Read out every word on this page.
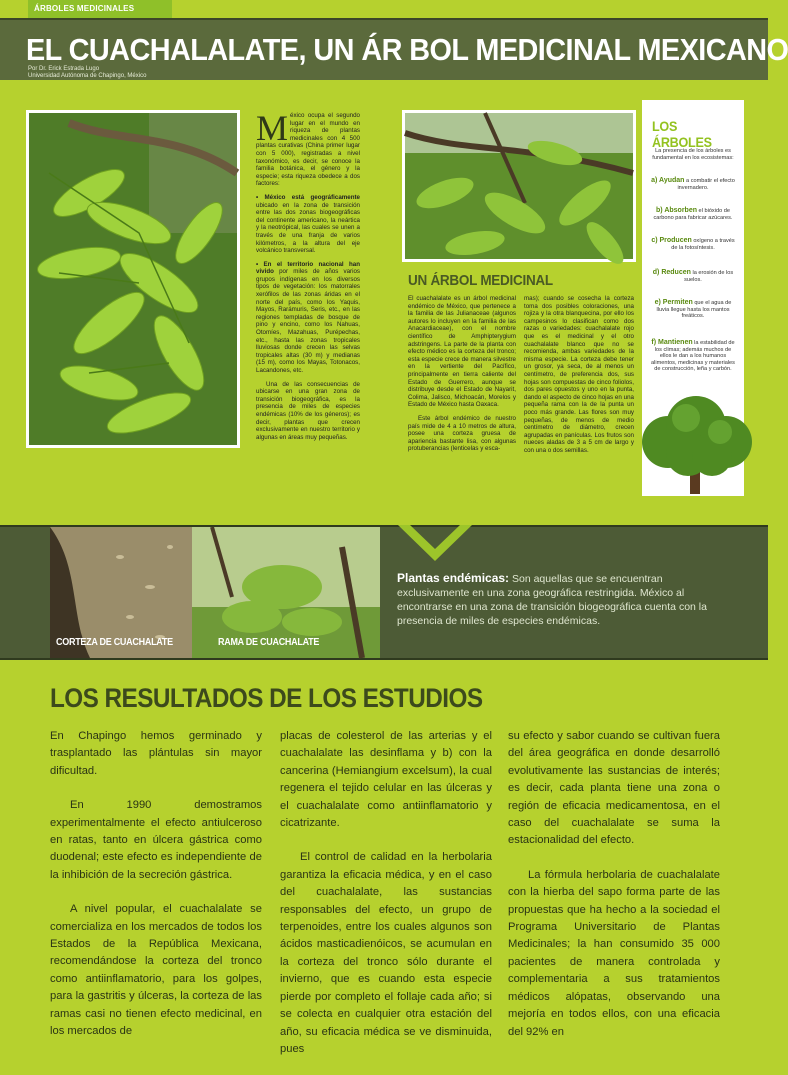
ÁRBOLES MEDICINALES
EL CUACHALALATE, UN ÁR BOL MEDICINAL MEXICANO
Por Dr. Erick Estrada Lugo
Universidad Autónoma de Chapingo, México

México ocupa el segundo lugar en el mundo en riqueza de plantas medicinales con 4 500 plantas curativas (China primer lugar con 5 000), registradas a nivel taxonómico, es decir, se conoce la familia botánica, el género y la especie; esta riqueza obedece a dos factores:

• México está geográficamente ubicado en la zona de transición entre las dos zonas biogeográficas del continente americano, la neártica y la neotrópical, las cuales se unen a través de una franja de varios kilómetros, a la altura del eje volcánico transversal.

• En el territorio nacional han vivido por miles de años varios grupos indígenas en los diversos tipos de vegetación: los matorrales xerófilos de las zonas áridas en el norte del país, como los Yaquis, Mayos, Rarámuris, Seris, etc., en las regiones templadas de bosque de pino y encino, como los Nahuas, Otomíes, Mazahuas, Purépechas, etc., hasta las zonas tropicales lluviosas donde crecen las selvas tropicales altas (30 m) y medianas (15 m), como los Mayas, Totonacos, Lacandones, etc.

Una de las consecuencias de ubicarse en una gran zona de transición biogeográfica, es la presencia de miles de especies endémicas (10% de los géneros); es decir, plantas que crecen exclusivamente en nuestro territorio y algunas en áreas muy pequeñas.

UN ÁRBOL MEDICINAL

El cuachalalate es un árbol medicinal endémico de México, que pertenece a la familia de las Julianaceae (algunos autores lo incluyen en la familia de las Anacardiaceae), con el nombre científico de Amphipterygium adstringens. La parte de la planta con efecto médico es la corteza del tronco; esta especie crece de manera silvestre en la vertiente del Pacífico, principalmente en tierra caliente del Estado de Guerrero, aunque se distribuye desde el Estado de Nayarit, Colima, Jalisco, Michoacán, Morelos y Estado de México hasta Oaxaca.

Este árbol endémico de nuestro país mide de 4 a 10 metros de altura, posee una corteza gruesa de apariencia bastante lisa, con algunas protuberancias (lenticelas y esca-

mas); cuando se cosecha la corteza toma dos posibles coloraciones, una rojiza y la otra blanquecina, por ello los campesinos lo clasifican como dos razas o variedades: cuachalalate rojo que es el medicinal y el otro cuachalalate blanco que no se recomienda, ambas variedades de la misma especie. La corteza debe tener un grosor, ya seca, de al menos un centímetro, de preferencia dos, sus hojas son compuestas de cinco foliolos, dos pares opuestos y uno en la punta, dando el aspecto de cinco hojas en una pequeña rama con la de la punta un poco más grande. Las flores son muy pequeñas, de menos de medio centímetro de diámetro, crecen agrupadas en panículas. Los frutos son nueces aladas de 3 a 5 cm de largo y con una o dos semillas.

LOS ÁRBOLES
La presencia de los árboles es fundamental en los ecosistemas:
a) Ayudan a combatir el efecto invernadero.
b) Absorben el bióxido de carbono para fabricar azúcares.
c) Producen oxígeno a través de la fotosíntesis.
d) Reducen la erosión de los suelos.
e) Permiten que el agua de lluvia llegue hasta los mantos freáticos.
f) Mantienen la estabilidad de los climas; además muchos de ellos le dan a los humanos alimentos, medicinas y materiales de construcción, leña y carbón.
CORTEZA DE CUACHALATE	RAMA DE CUACHALATE
Plantas endémicas: Son aquellas que se encuentran exclusivamente en una zona geográfica restringida. México al encontrarse en una zona de transición biogeográfica cuenta con la presencia de miles de especies endémicas.
LOS RESULTADOS DE LOS ESTUDIOS

En Chapingo hemos germinado y trasplantado las plántulas sin mayor dificultad.

En 1990 demostramos experimentalmente el efecto antiulceroso en ratas, tanto en úlcera gástrica como duodenal; este efecto es independiente de la inhibición de la secreción gástrica.

A nivel popular, el cuachalalate se comercializa en los mercados de todos los Estados de la República Mexicana, recomendándose la corteza del tronco como antiinflamatorio, para los golpes, para la gastritis y úlceras, la corteza de las ramas casi no tienen efecto medicinal, en los mercados de

placas de colesterol de las arterias y el cuachalalate las desinflama y b) con la cancerina (Hemiangium excelsum), la cual regenera el tejido celular en las úlceras y el cuachalalate como antiinflamatorio y cicatrizante.

El control de calidad en la herbolaria garantiza la eficacia médica, y en el caso del cuachalalate, las sustancias responsables del efecto, un grupo de terpenoides, entre los cuales algunos son ácidos masticadienóicos, se acumulan en la corteza del tronco sólo durante el invierno, que es cuando esta especie pierde por completo el follaje cada año; si se colecta en cualquier otra estación del año, su eficacia médica se ve disminuida, pues

su efecto y sabor cuando se cultivan fuera del área geográfica en donde desarrolló evolutivamente las sustancias de interés; es decir, cada planta tiene una zona o región de eficacia medicamentosa, en el caso del cuachalalate se suma la estacionalidad del efecto.

La fórmula herbolaria de cuachalalate con la hierba del sapo forma parte de las propuestas que ha hecho a la sociedad el Programa Universitario de Plantas Medicinales; la han consumido 35 000 pacientes de manera controlada y complementaria a sus tratamientos médicos alópatas, observando una mejoría en todos ellos, con una eficacia del 92% en
